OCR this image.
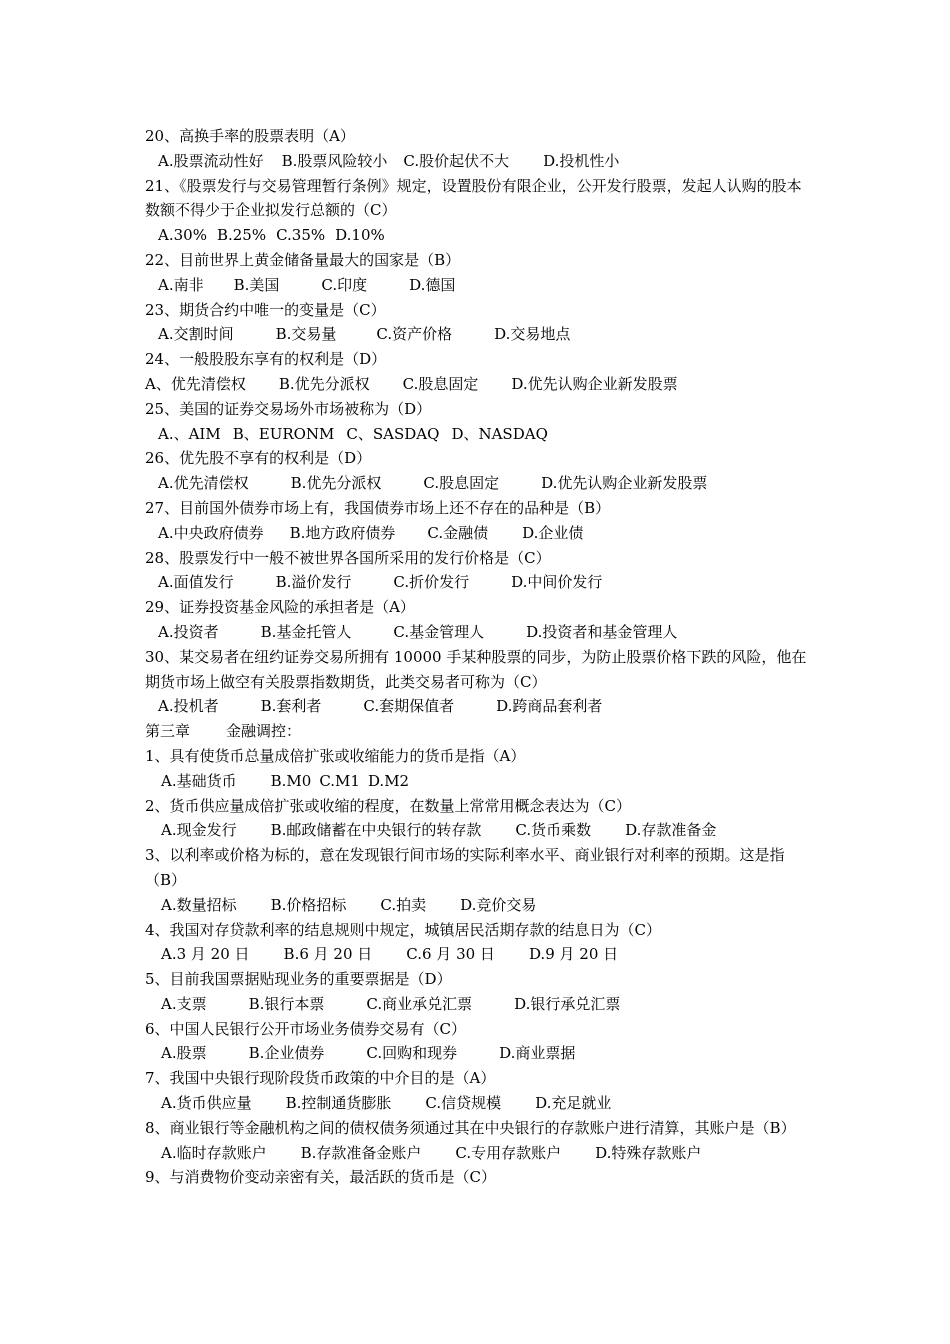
20、高换手率的股票表明（A）
A.股票流动性好 B.股票风险较小 C.股价起伏不大 D.投机性小
21、《股票发行与交易管理暂行条例》规定，设置股份有限企业，公开发行股票，发起人认购的股本数额不得少于企业拟发行总额的（C）
A.30% B.25% C.35% D.10%
22、目前世界上黄金储备量最大的国家是（B）
A.南非 B.美国	C.印度	D.德国
23、期货合约中唯一的变量是（C）
A.交割时间	B.交易量	C.资产价格	D.交易地点
24、一般股股东享有的权利是（D）
A、优先清偿权 B.优先分派权 C.股息固定 D.优先认购企业新发股票
25、美国的证券交易场外市场被称为（D）
A.、AIM B、EURONM C、SASDAQ D、NASDAQ
26、优先股不享有的权利是（D）
A.优先清偿权	B.优先分派权	C.股息固定	D.优先认购企业新发股票
27、目前国外债券市场上有，我国债券市场上还不存在的品种是（B）
A.中央政府债券 B.地方政府债券 C.金融债 D.企业债
28、股票发行中一般不被世界各国所采用的发行价格是（C）
A.面值发行	B.溢价发行	C.折价发行	D.中间价发行
29、证券投资基金风险的承担者是（A）
A.投资者	B.基金托管人	C.基金管理人	D.投资者和基金管理人
30、某交易者在纽约证券交易所拥有 10000 手某种股票的同步，为防止股票价格下跌的风险，他在期货市场上做空有关股票指数期货，此类交易者可称为（C）
A.投机者	B.套利者	C.套期保值者	D.跨商品套利者
第三章 金融调控：
1、具有使货币总量成倍扩张或收缩能力的货币是指（A）
A.基础货币 B.M0 C.M1 D.M2
2、货币供应量成倍扩张或收缩的程度，在数量上常常用概念表达为（C）
A.现金发行 B.邮政储蓄在中央银行的转存款 C.货币乘数 D.存款准备金
3、以利率或价格为标的，意在发现银行间市场的实际利率水平、商业银行对利率的预期。这是指（B）
A.数量招标 B.价格招标 C.拍卖 D.竞价交易
4、我国对存贷款利率的结息规则中规定，城镇居民活期存款的结息日为（C）
A.3 月 20 日 B.6 月 20 日 C.6 月 30 日 D.9 月 20 日
5、目前我国票据贴现业务的重要票据是（D）
A.支票	B.银行本票	C.商业承兑汇票	D.银行承兑汇票
6、中国人民银行公开市场业务债券交易有（C）
A.股票	B.企业债券	C.回购和现券	D.商业票据
7、我国中央银行现阶段货币政策的中介目的是（A）
A.货币供应量 B.控制通货膨胀 C.信贷规模 D.充足就业
8、商业银行等金融机构之间的债权债务须通过其在中央银行的存款账户进行清算，其账户是（B）
A.临时存款账户 B.存款准备金账户 C.专用存款账户 D.特殊存款账户
9、与消费物价变动亲密有关，最活跃的货币是（C）
